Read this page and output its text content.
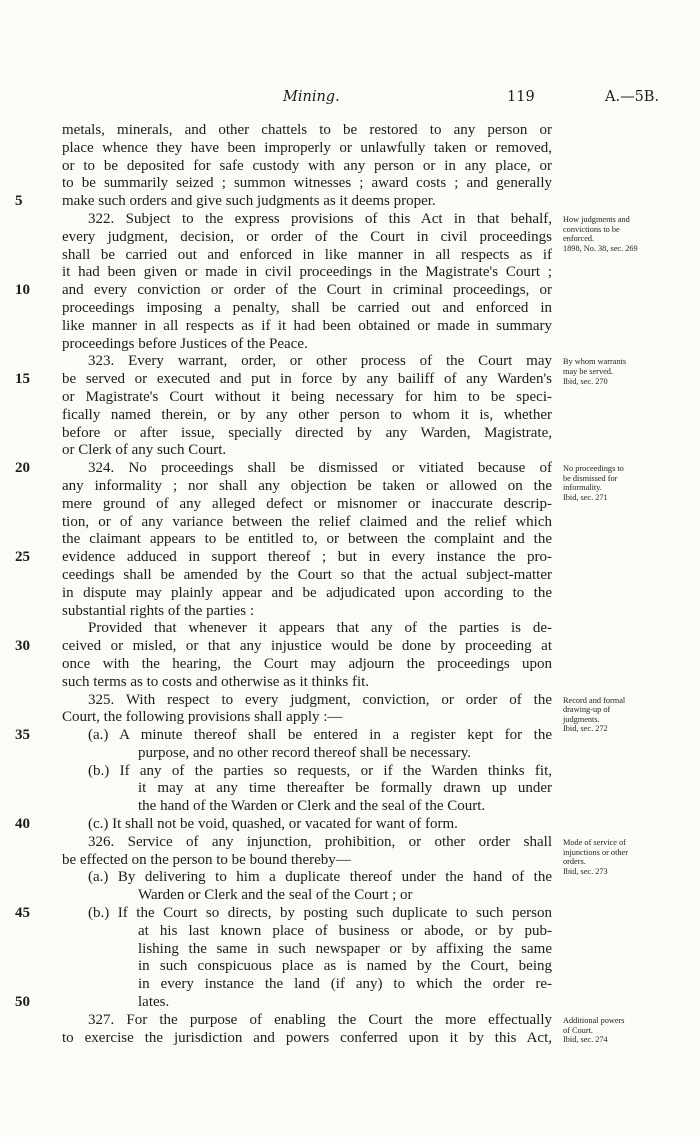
Mining.	119	A.—5B.
metals, minerals, and other chattels to be restored to any person or
place whence they have been improperly or unlawfully taken or removed,
or to be deposited for safe custody with any person or in any place, or
to be summarily seized ; summon witnesses ; award costs ; and generally
5	make such orders and give such judgments as it deems proper.
322. Subject to the express provisions of this Act in that behalf,
every judgment, decision, or order of the Court in civil proceedings
shall be carried out and enforced in like manner in all respects as if
it had been given or made in civil proceedings in the Magistrate's Court ;
10 and every conviction or order of the Court in criminal proceedings, or
proceedings imposing a penalty, shall be carried out and enforced in
like manner in all respects as if it had been obtained or made in summary
proceedings before Justices of the Peace.
323. Every warrant, order, or other process of the Court may
15 be served or executed and put in force by any bailiff of any Warden's
or Magistrate's Court without it being necessary for him to be speci-
fically named therein, or by any other person to whom it is, whether
before or after issue, specially directed by any Warden, Magistrate,
or Clerk of any such Court.
20	324. No proceedings shall be dismissed or vitiated because of
any informality ; nor shall any objection be taken or allowed on the
mere ground of any alleged defect or misnomer or inaccurate descrip-
tion, or of any variance between the relief claimed and the relief which
the claimant appears to be entitled to, or between the complaint and the
25 evidence adduced in support thereof ; but in every instance the pro-
ceedings shall be amended by the Court so that the actual subject-matter
in dispute may plainly appear and be adjudicated upon according to the
substantial rights of the parties :
Provided that whenever it appears that any of the parties is de-
30 ceived or misled, or that any injustice would be done by proceeding at
once with the hearing, the Court may adjourn the proceedings upon
such terms as to costs and otherwise as it thinks fit.
325. With respect to every judgment, conviction, or order of the
Court, the following provisions shall apply :—
35	(a.) A minute thereof shall be entered in a register kept for the
purpose, and no other record thereof shall be necessary.
(b.) If any of the parties so requests, or if the Warden thinks fit,
it may at any time thereafter be formally drawn up under
the hand of the Warden or Clerk and the seal of the Court.
40	(c.) It shall not be void, quashed, or vacated for want of form.
326. Service of any injunction, prohibition, or other order shall
be effected on the person to be bound thereby—
(a.) By delivering to him a duplicate thereof under the hand of the
Warden or Clerk and the seal of the Court ; or
45	(b.) If the Court so directs, by posting such duplicate to such person
at his last known place of business or abode, or by pub-
lishing the same in such newspaper or by affixing the same
in such conspicuous place as is named by the Court, being
in every instance the land (if any) to which the order re-
50	lates.
327. For the purpose of enabling the Court the more effectually
to exercise the jurisdiction and powers conferred upon it by this Act,
How judgments and
convictions to be
enforced.
1898, No. 38, sec. 269
By whom warrants
may be served.
Ibid, sec. 270
No proceedings to
be dismissed for
informality.
Ibid, sec. 271
Record and formal
drawing-up of
judgments.
Ibid, sec. 272
Mode of service of
injunctions or other
orders.
Ibid, sec. 273
Additional powers
of Court.
Ibid, sec. 274
